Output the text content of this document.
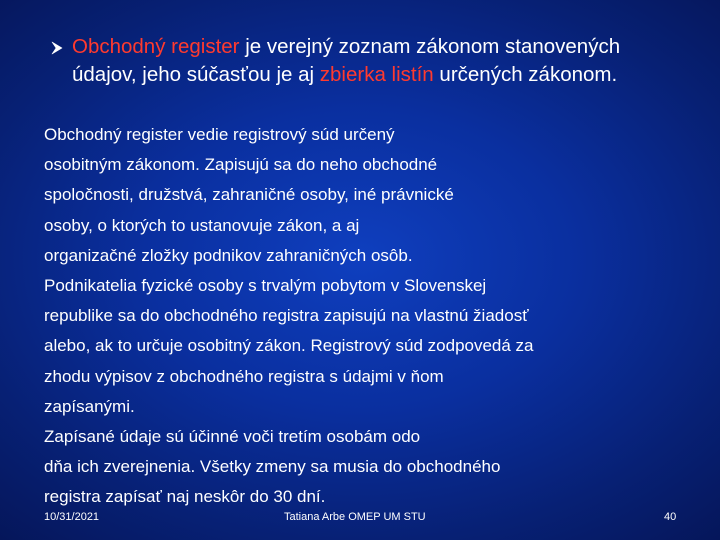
Obchodný register je verejný zoznam zákonom stanovených údajov, jeho súčasťou je aj zbierka listín určených zákonom.

Obchodný register vedie registrový súd určený

osobitným zákonom. Zapisujú sa do neho obchodné

spoločnosti, družstvá, zahraničné osoby, iné právnické

osoby, o ktorých to ustanovuje zákon, a aj

organizačné zložky podnikov zahraničných osôb.

Podnikatelia fyzické osoby s trvalým pobytom v Slovenskej

republike sa do obchodného registra zapisujú na vlastnú žiadosť

alebo, ak to určuje osobitný zákon. Registrový súd zodpovedá za

zhodu výpisov z obchodného registra s údajmi v ňom

zapísanými.

Zapísané údaje sú účinné voči tretím osobám odo

dňa ich zverejnenia. Všetky zmeny sa musia do obchodného

registra zapísať naj neskôr do 30 dní.

10/31/2021	Tatiana Arbe OMEP UM STU	40
